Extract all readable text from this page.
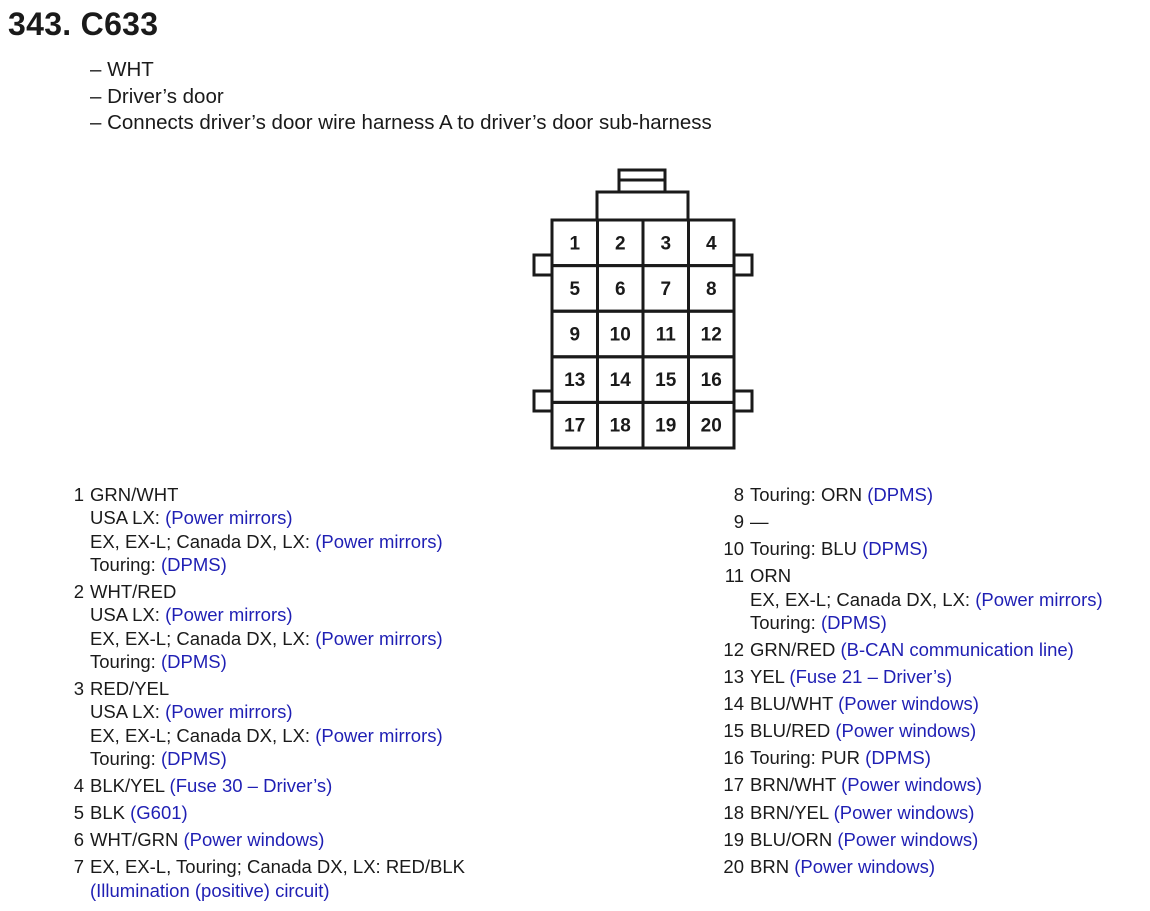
343. C633
– WHT
– Driver’s door
– Connects driver’s door wire harness A to driver’s door sub-harness
1 2 3 4
5 6 7 8
9 10 11 12
13 14 15 16
17 18 19 20
1 GRN/WHT
USA LX: (Power mirrors)
EX, EX-L; Canada DX, LX: (Power mirrors)
Touring: (DPMS)
2 WHT/RED
USA LX: (Power mirrors)
EX, EX-L; Canada DX, LX: (Power mirrors)
Touring: (DPMS)
3 RED/YEL
USA LX: (Power mirrors)
EX, EX-L; Canada DX, LX: (Power mirrors)
Touring: (DPMS)
4 BLK/YEL (Fuse 30 – Driver’s)
5 BLK (G601)
6 WHT/GRN (Power windows)
7 EX, EX-L, Touring; Canada DX, LX: RED/BLK
(Illumination (positive) circuit)
8 Touring: ORN (DPMS)
9 —
10 Touring: BLU (DPMS)
11 ORN
EX, EX-L; Canada DX, LX: (Power mirrors)
Touring: (DPMS)
12 GRN/RED (B-CAN communication line)
13 YEL (Fuse 21 – Driver’s)
14 BLU/WHT (Power windows)
15 BLU/RED (Power windows)
16 Touring: PUR (DPMS)
17 BRN/WHT (Power windows)
18 BRN/YEL (Power windows)
19 BLU/ORN (Power windows)
20 BRN (Power windows)
